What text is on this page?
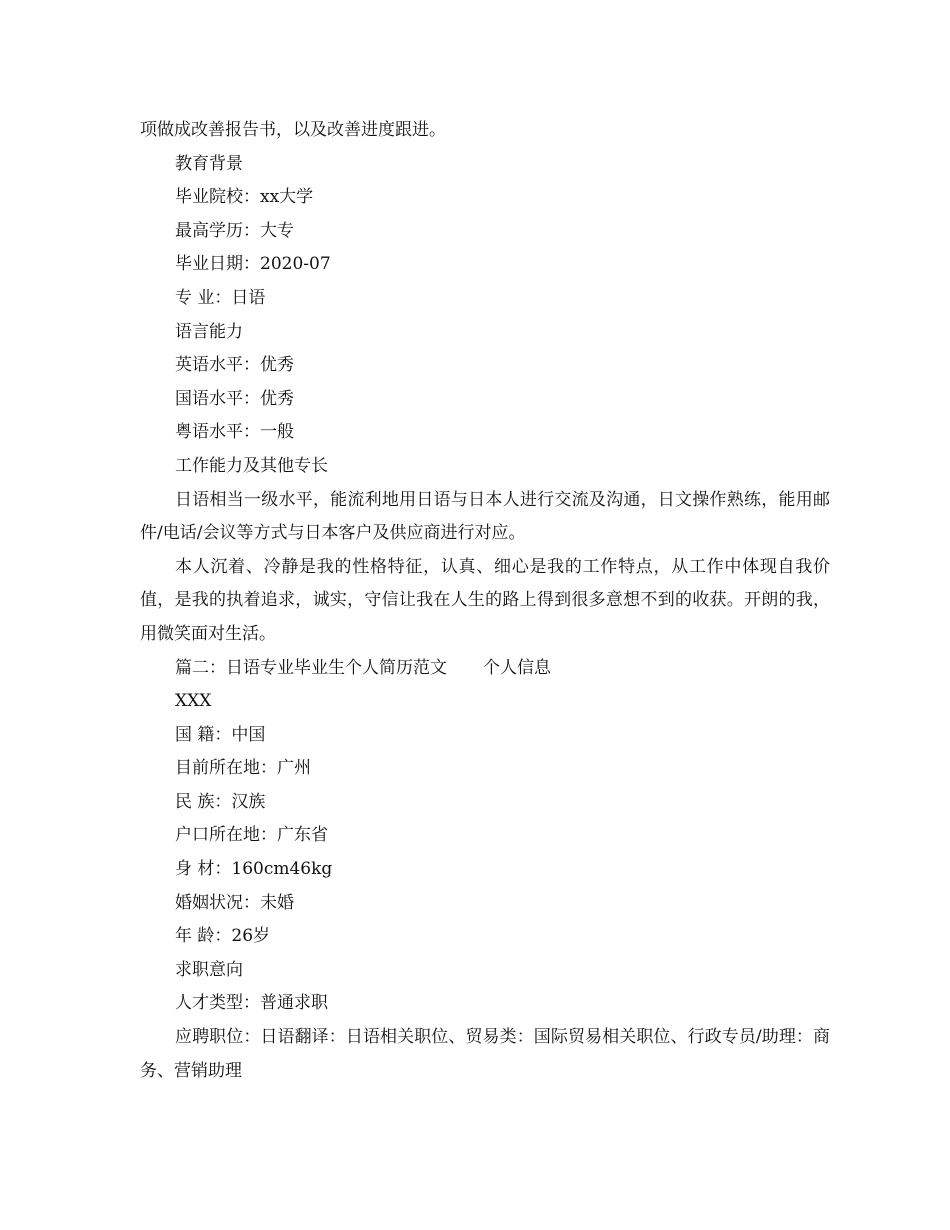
项做成改善报告书，以及改善进度跟进。
教育背景
毕业院校：xx大学
最高学历：大专
毕业日期：2020-07
专 业：日语
语言能力
英语水平：优秀
国语水平：优秀
粤语水平：一般
工作能力及其他专长
日语相当一级水平，能流利地用日语与日本人进行交流及沟通，日文操作熟练，能用邮件/电话/会议等方式与日本客户及供应商进行对应。
本人沉着、冷静是我的性格特征，认真、细心是我的工作特点，从工作中体现自我价值，是我的执着追求，诚实，守信让我在人生的路上得到很多意想不到的收获。开朗的我，用微笑面对生活。
篇二：日语专业毕业生个人简历范文 个人信息
XXX
国 籍：中国
目前所在地：广州
民 族：汉族
户口所在地：广东省
身 材：160cm46kg
婚姻状况：未婚
年 龄：26岁
求职意向
人才类型：普通求职
应聘职位：日语翻译：日语相关职位、贸易类：国际贸易相关职位、行政专员/助理：商务、营销助理
